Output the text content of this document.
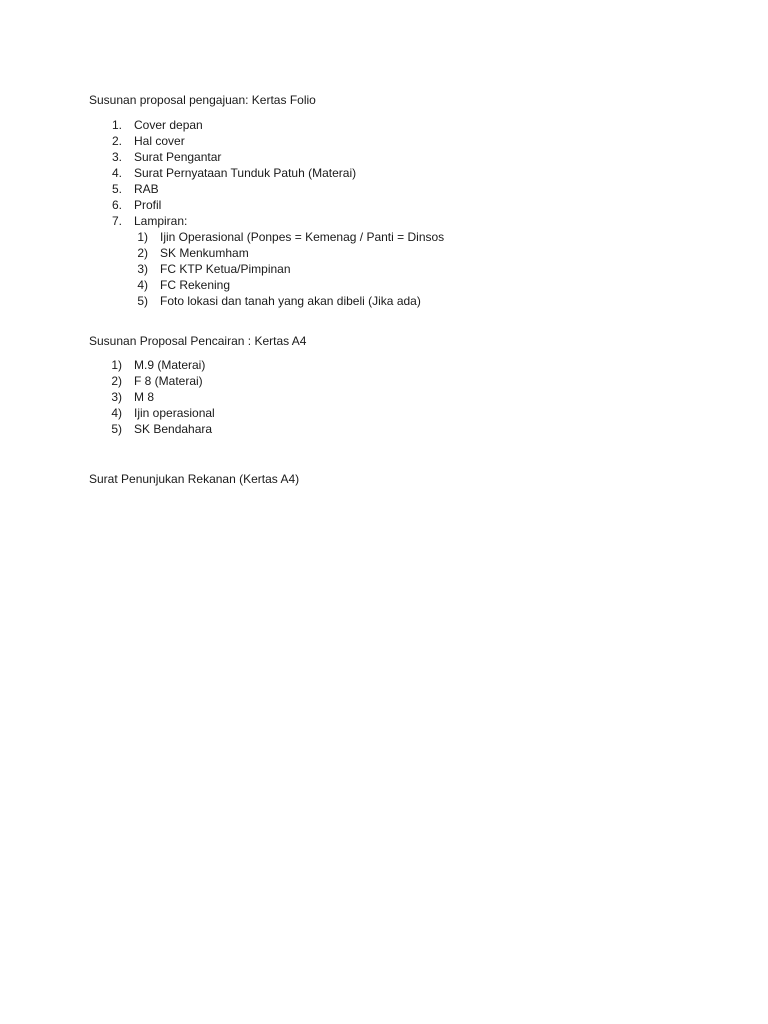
Susunan proposal pengajuan: Kertas Folio
1. Cover depan
2. Hal cover
3. Surat Pengantar
4. Surat Pernyataan Tunduk Patuh (Materai)
5. RAB
6. Profil
7. Lampiran:
1) Ijin Operasional (Ponpes = Kemenag / Panti = Dinsos
2) SK Menkumham
3) FC KTP Ketua/Pimpinan
4) FC Rekening
5) Foto lokasi dan tanah yang akan dibeli (Jika ada)
Susunan Proposal Pencairan : Kertas A4
1) M.9 (Materai)
2) F 8 (Materai)
3) M 8
4) Ijin operasional
5) SK Bendahara
Surat Penunjukan Rekanan (Kertas A4)
